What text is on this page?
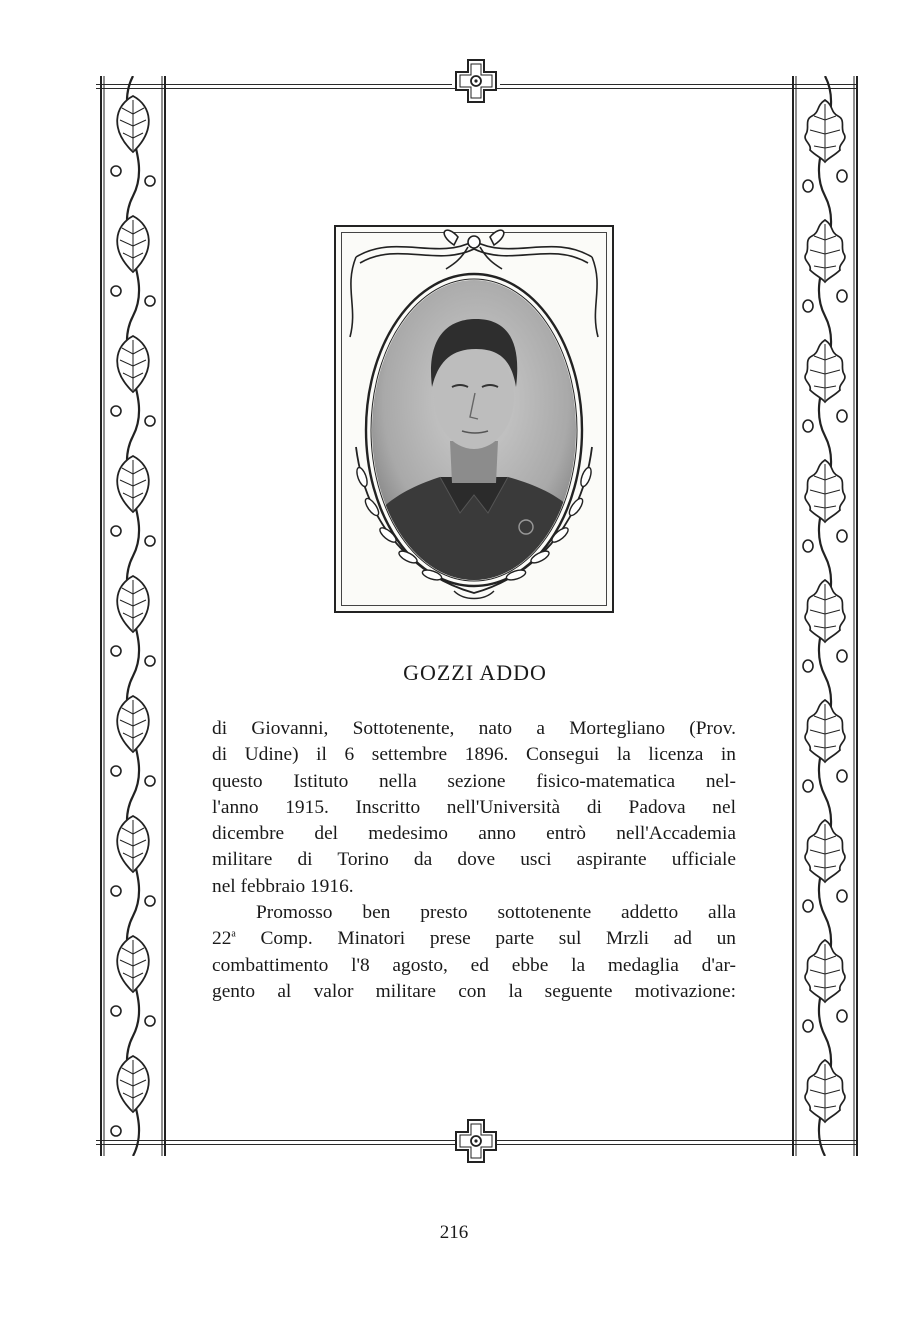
GOZZI ADDO
di Giovanni, Sottotenente, nato a Mortegliano (Prov.
di Udine) il 6 settembre 1896. Consegui la licenza in
questo Istituto nella sezione fisico-matematica nel-
l'anno 1915. Inscritto nell'Università di Padova nel
dicembre del medesimo anno entrò nell'Accademia
militare di Torino da dove usci aspirante ufficiale
nel febbraio 1916.
Promosso ben presto sottotenente addetto alla
22$^a$ Comp. Minatori prese parte sul Mrzli ad un
combattimento l'8 agosto, ed ebbe la medaglia d'ar-
gento al valor militare con la seguente motivazione:
216
